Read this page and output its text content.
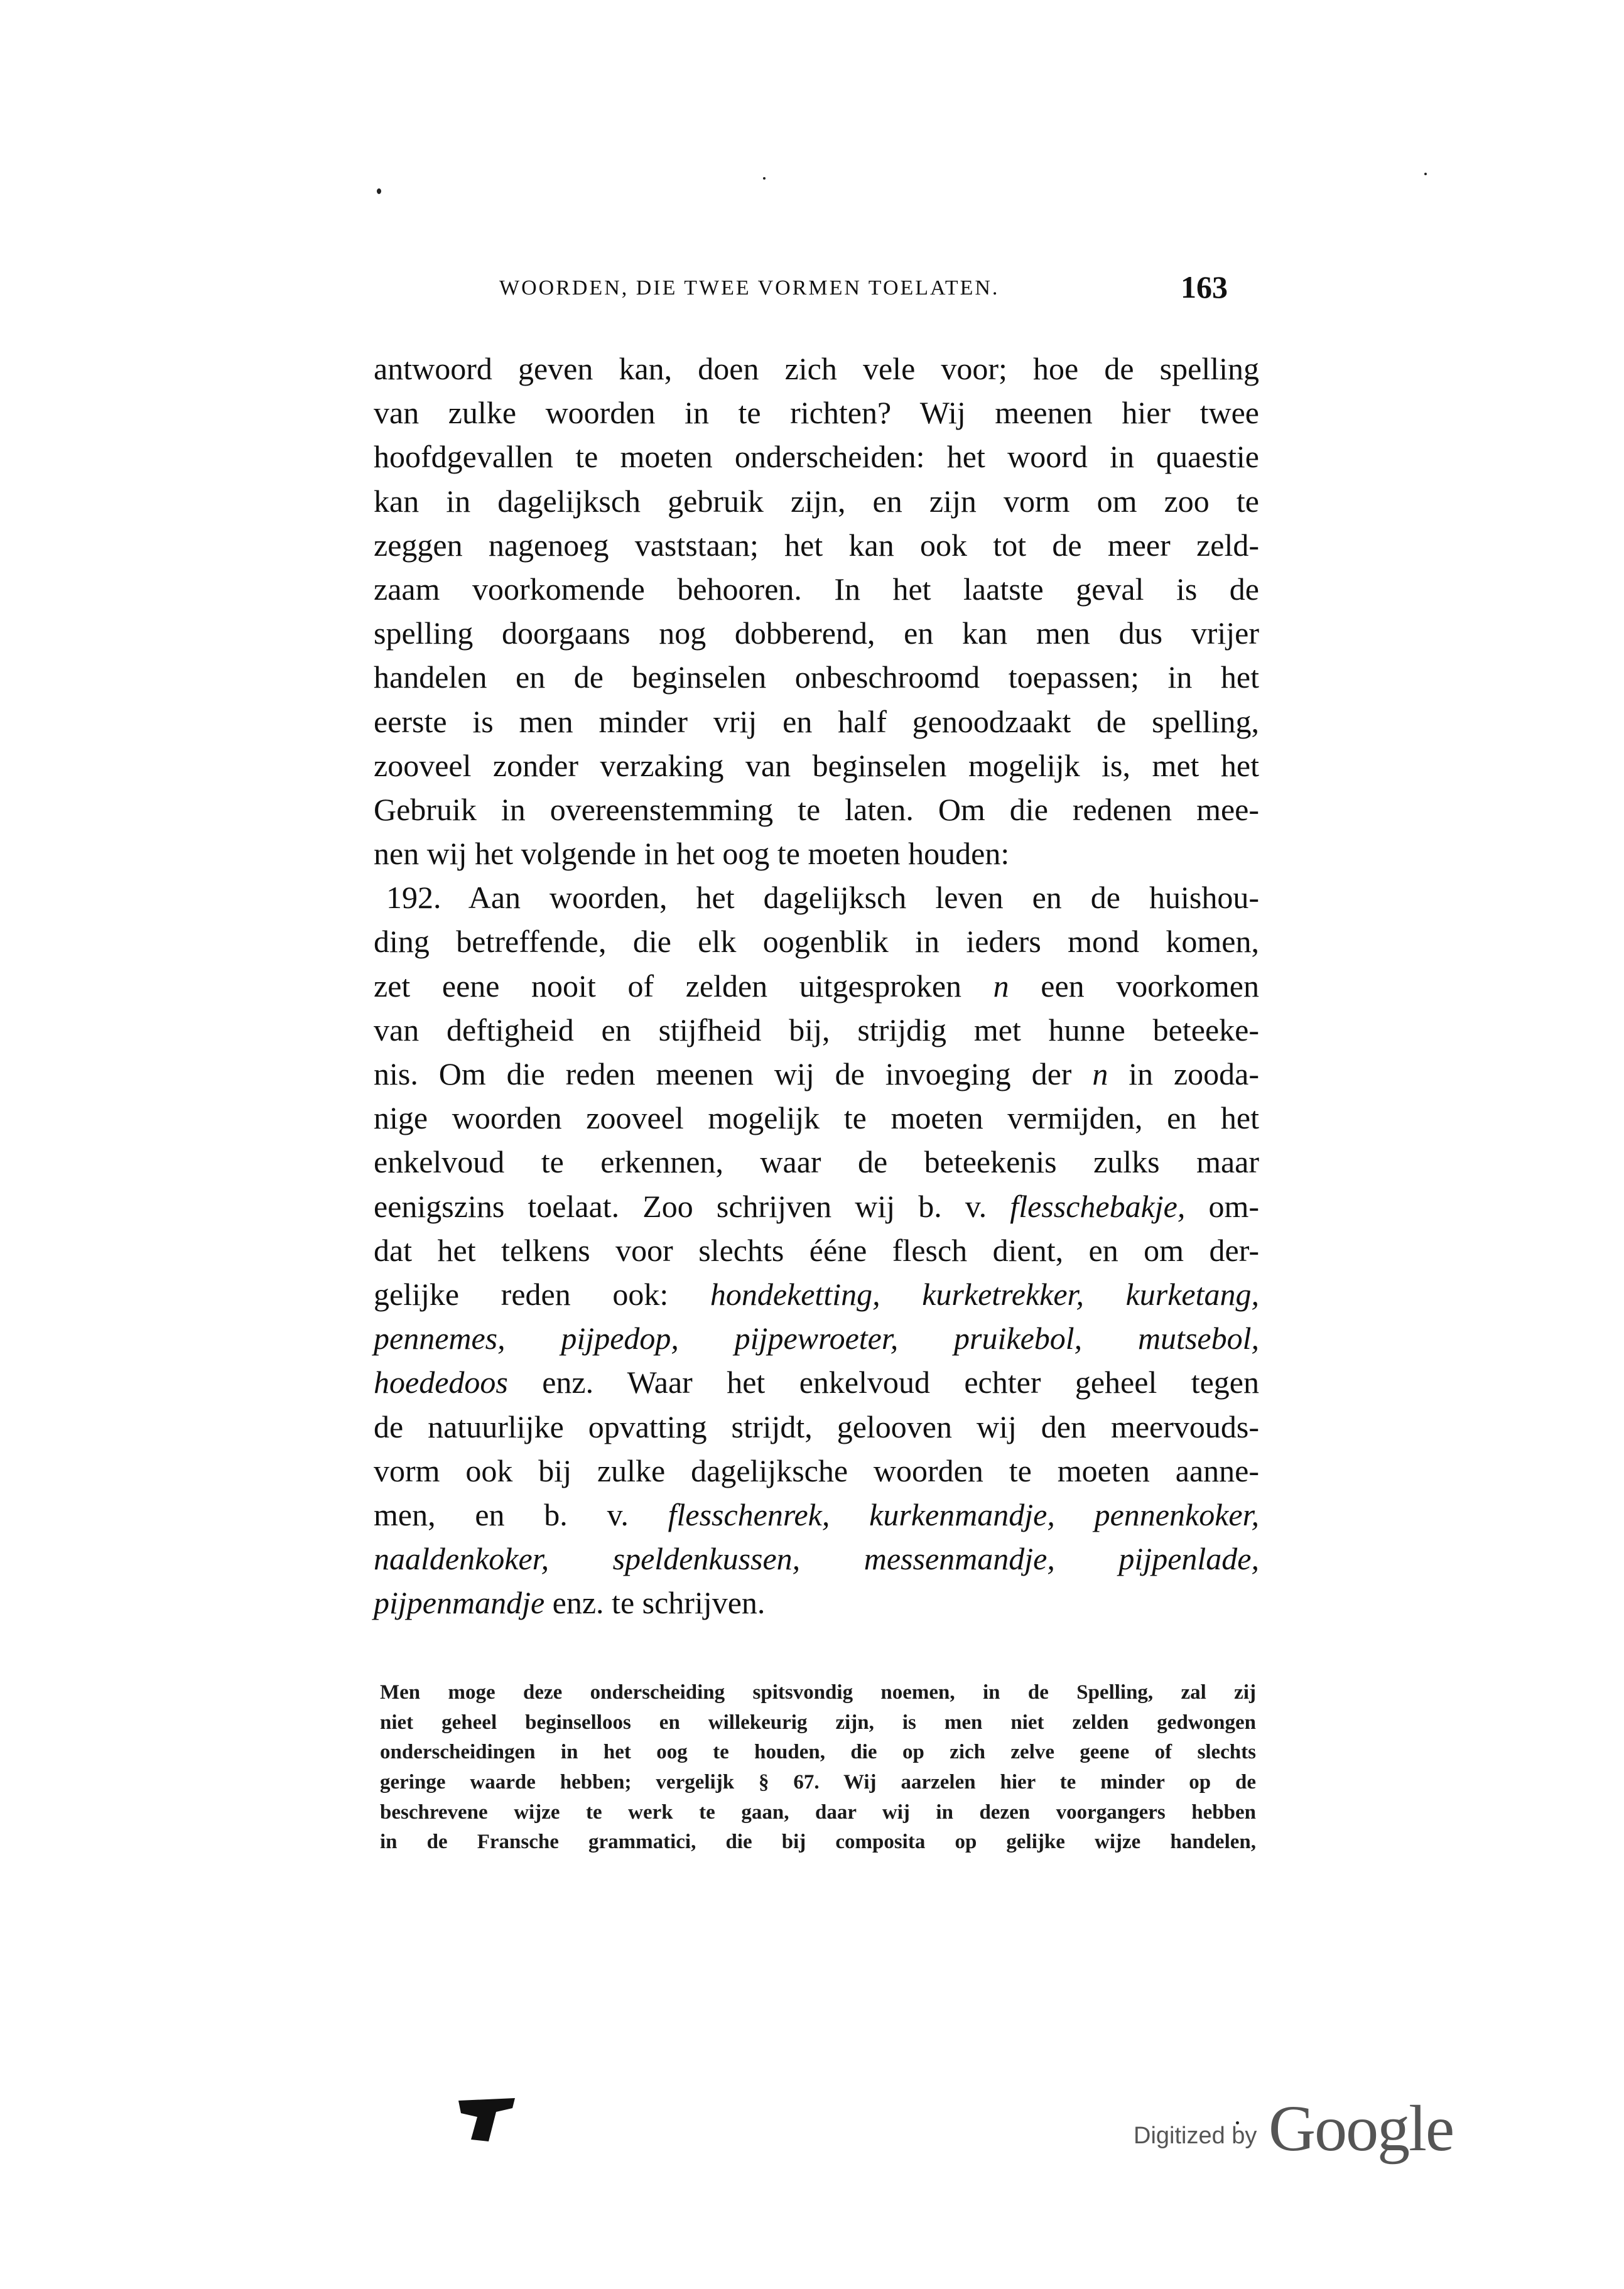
WOORDEN, DIE TWEE VORMEN TOELATEN.	163
antwoord geven kan, doen zich vele voor; hoe de spelling
van zulke woorden in te richten? Wij meenen hier twee
hoofdgevallen te moeten onderscheiden: het woord in quaestie
kan in dagelijksch gebruik zijn, en zijn vorm om zoo te
zeggen nagenoeg vaststaan; het kan ook tot de meer zeld-
zaam voorkomende behooren. In het laatste geval is de
spelling doorgaans nog dobberend, en kan men dus vrijer
handelen en de beginselen onbeschroomd toepassen; in het
eerste is men minder vrij en half genoodzaakt de spelling,
zooveel zonder verzaking van beginselen mogelijk is, met het
Gebruik in overeenstemming te laten. Om die redenen mee-
nen wij het volgende in het oog te moeten houden:
192. Aan woorden, het dagelijksch leven en de huishou-
ding betreffende, die elk oogenblik in ieders mond komen,
zet eene nooit of zelden uitgesproken n een voorkomen
van deftigheid en stijfheid bij, strijdig met hunne beteeke-
nis. Om die reden meenen wij de invoeging der n in zooda-
nige woorden zooveel mogelijk te moeten vermijden, en het
enkelvoud te erkennen, waar de beteekenis zulks maar
eenigszins toelaat. Zoo schrijven wij b. v. flesschebakje, om-
dat het telkens voor slechts ééne flesch dient, en om der-
gelijke reden ook: hondeketting, kurketrekker, kurketang,
pennemes, pijpedop, pijpewroeter, pruikebol, mutsebol,
hoededoos enz. Waar het enkelvoud echter geheel tegen
de natuurlijke opvatting strijdt, gelooven wij den meervouds-
vorm ook bij zulke dagelijksche woorden te moeten aanne-
men, en b. v. flesschenrek, kurkenmandje, pennenkoker,
naaldenkoker, speldenkussen, messenmandje, pijpenlade,
pijpenmandje enz. te schrijven.
Men moge deze onderscheiding spitsvondig noemen, in de Spelling, zal zij
niet geheel beginselloos en willekeurig zijn, is men niet zelden gedwongen
onderscheidingen in het oog te houden, die op zich zelve geene of slechts
geringe waarde hebben; vergelijk § 67. Wij aarzelen hier te minder op de
beschrevene wijze te werk te gaan, daar wij in dezen voorgangers hebben
in de Fransche grammatici, die bij composita op gelijke wijze handelen,
Digitized by Google
